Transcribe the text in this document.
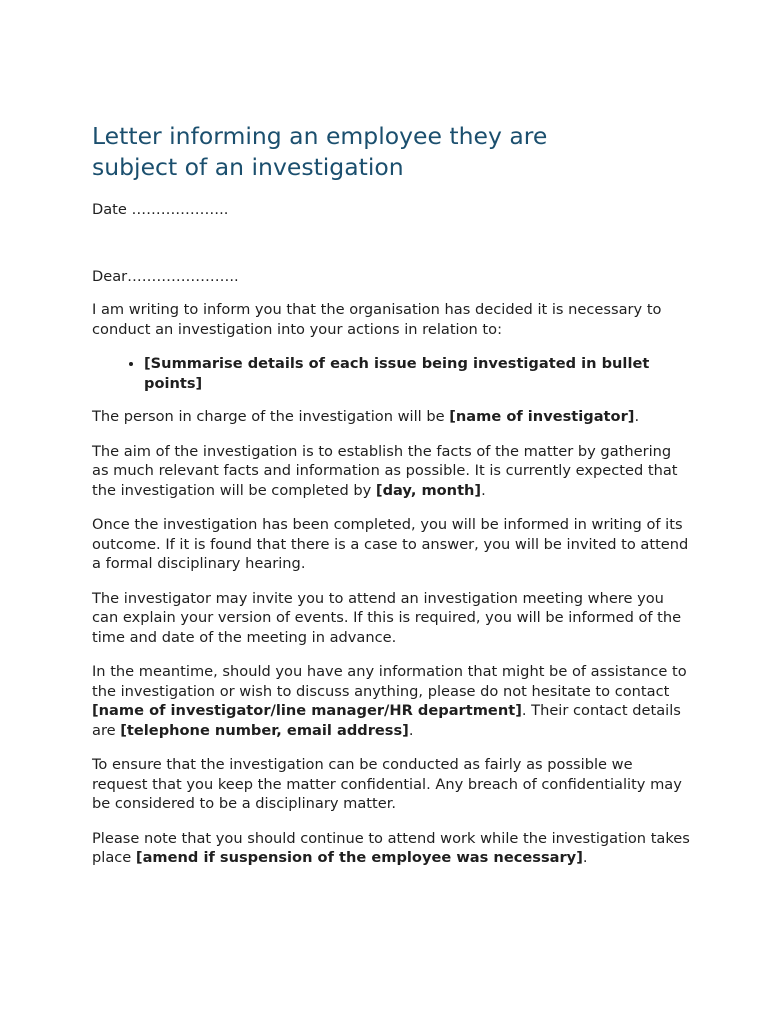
Letter informing an employee they are
subject of an investigation

Date ………………..

Dear…………………..

I am writing to inform you that the organisation has decided it is necessary to conduct an investigation into your actions in relation to:

• [Summarise details of each issue being investigated in bullet points]

The person in charge of the investigation will be [name of investigator].

The aim of the investigation is to establish the facts of the matter by gathering as much relevant facts and information as possible. It is currently expected that the investigation will be completed by [day, month].

Once the investigation has been completed, you will be informed in writing of its outcome. If it is found that there is a case to answer, you will be invited to attend a formal disciplinary hearing.

The investigator may invite you to attend an investigation meeting where you can explain your version of events. If this is required, you will be informed of the time and date of the meeting in advance.

In the meantime, should you have any information that might be of assistance to the investigation or wish to discuss anything, please do not hesitate to contact [name of investigator/line manager/HR department]. Their contact details are [telephone number, email address].

To ensure that the investigation can be conducted as fairly as possible we request that you keep the matter confidential. Any breach of confidentiality may be considered to be a disciplinary matter.

Please note that you should continue to attend work while the investigation takes place [amend if suspension of the employee was necessary].
